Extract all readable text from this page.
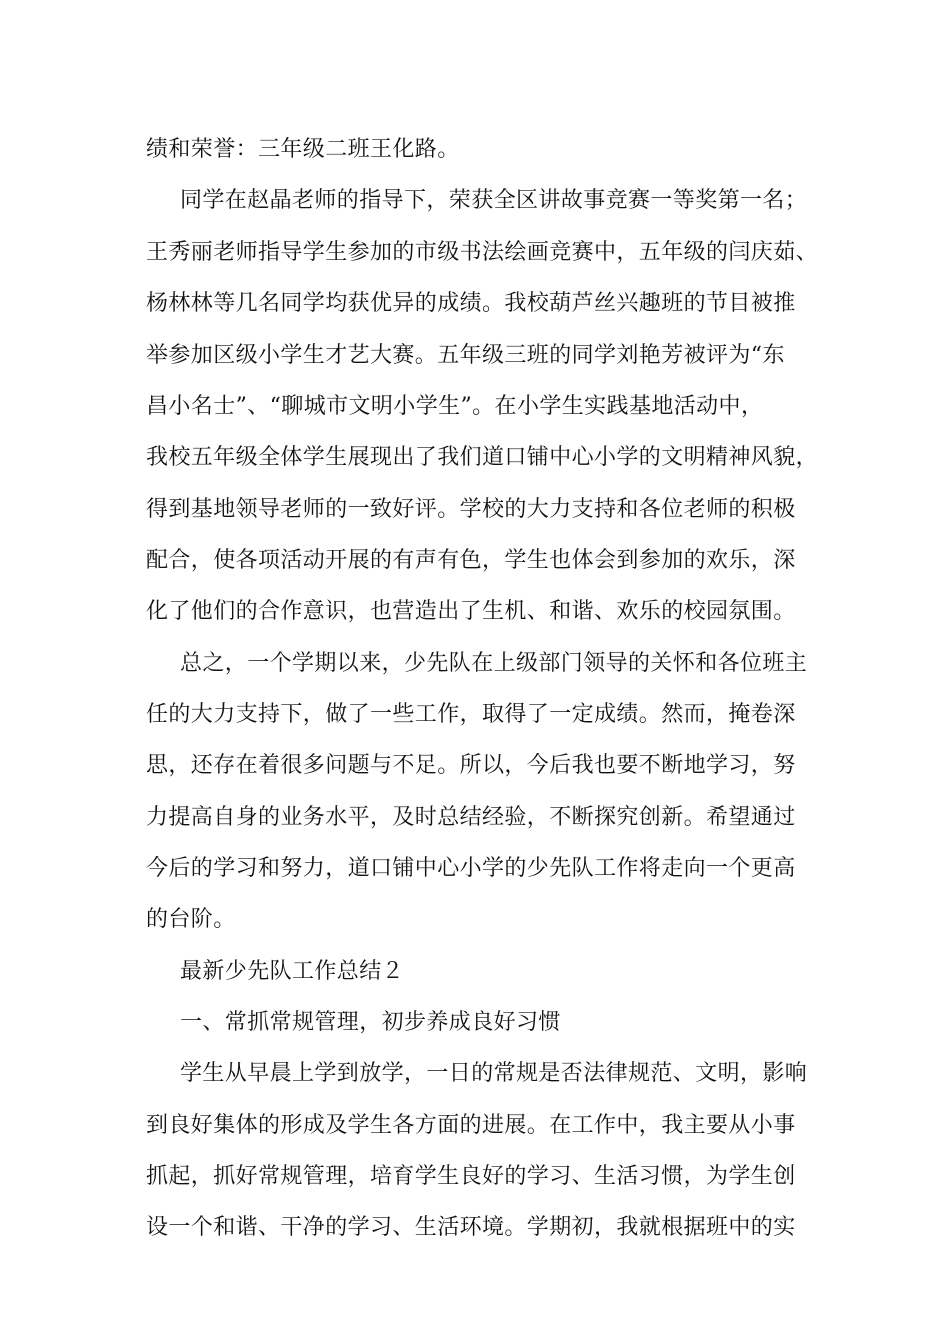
绩和荣誉：三年级二班王化路。
同学在赵晶老师的指导下，荣获全区讲故事竞赛一等奖第一名；
王秀丽老师指导学生参加的市级书法绘画竞赛中，五年级的闫庆茹、
杨林林等几名同学均获优异的成绩。我校葫芦丝兴趣班的节目被推
举参加区级小学生才艺大赛。五年级三班的同学刘艳芳被评为“东
昌小名士”、“聊城市文明小学生”。在小学生实践基地活动中，
我校五年级全体学生展现出了我们道口铺中心小学的文明精神风貌，
得到基地领导老师的一致好评。学校的大力支持和各位老师的积极
配合，使各项活动开展的有声有色，学生也体会到参加的欢乐，深
化了他们的合作意识，也营造出了生机、和谐、欢乐的校园氛围。
总之，一个学期以来，少先队在上级部门领导的关怀和各位班主
任的大力支持下，做了一些工作，取得了一定成绩。然而，掩卷深
思，还存在着很多问题与不足。所以，今后我也要不断地学习，努
力提高自身的业务水平，及时总结经验，不断探究创新。希望通过
今后的学习和努力，道口铺中心小学的少先队工作将走向一个更高
的台阶。
最新少先队工作总结２
一、常抓常规管理，初步养成良好习惯
学生从早晨上学到放学，一日的常规是否法律规范、文明，影响
到良好集体的形成及学生各方面的进展。在工作中，我主要从小事
抓起，抓好常规管理，培育学生良好的学习、生活习惯，为学生创
设一个和谐、干净的学习、生活环境。学期初，我就根据班中的实
